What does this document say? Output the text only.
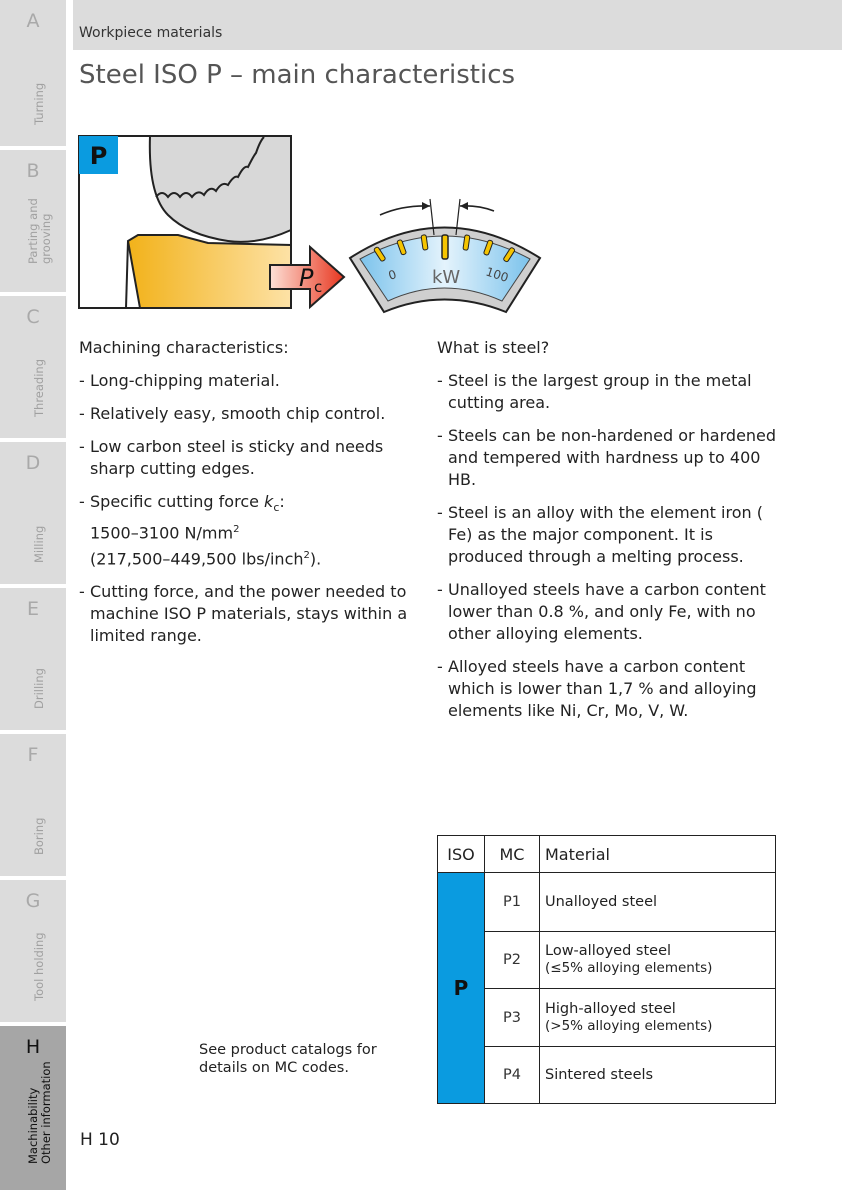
A
Turning
B
Parting and grooving
C
Threading
D
Milling
E
Drilling
F
Boring
G
Tool holding
H
Machinability Other information
Workpiece materials
Steel ISO P – main characteristics
P
P c
0 kW 100
Machining characteristics:
- Long-chipping material.
- Relatively easy, smooth chip control.
- Low carbon steel is sticky and needs sharp cutting edges.
- Specific cutting force $k_c$:
1500–3100 $N/mm^2$
(217,500–449,500 lbs/inch$^2$).
- Cutting force, and the power needed to machine ISO P materials, stays within a limited range.
What is steel?
- Steel is the largest group in the metal cutting area.
- Steels can be non-hardened or hardened and tempered with hardness up to 400 HB.
- Steel is an alloy with the element iron ( Fe) as the major component. It is produced through a melting process.
- Unalloyed steels have a carbon content lower than 0.8 %, and only Fe, with no other alloying elements.
- Alloyed steels have a carbon content which is lower than 1,7 % and alloying elements like Ni, Cr, Mo, V, W.
See product catalogs for details on MC codes.
ISO	MC	Material
P	P1	Unalloyed steel

	P2	Low-alloyed steel
(≤5% alloying elements)

	P3	High-alloyed steel
(>5% alloying elements)

	P4	Sintered steels
H 10
